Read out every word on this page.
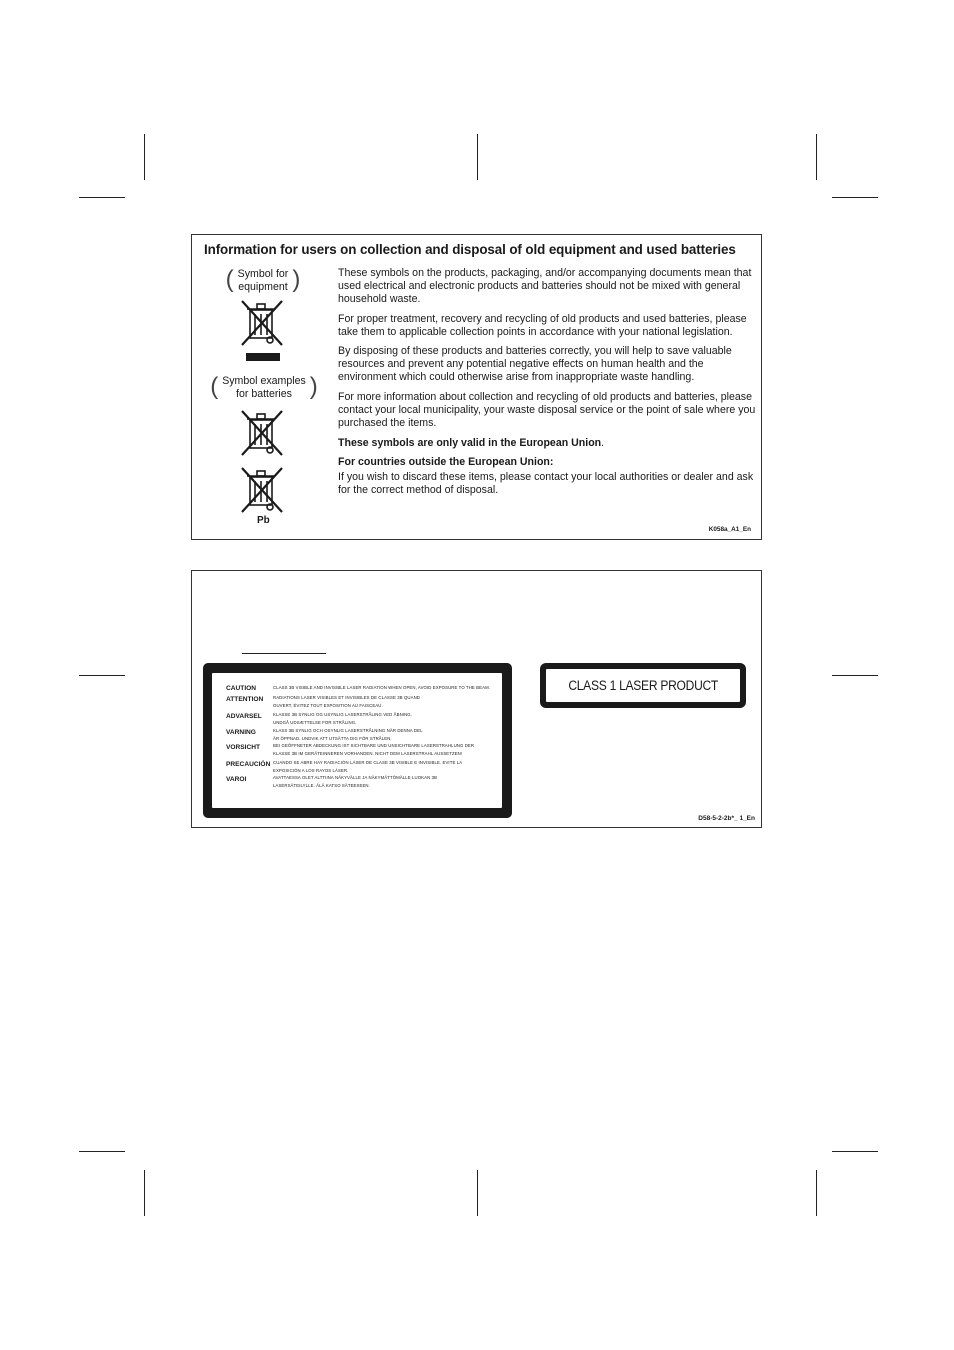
Information for users on collection and disposal of old equipment and used batteries
( Symbol for
equipment )
( Symbol examples
for batteries )
Pb

These symbols on the products, packaging, and/or accompanying documents mean that used electrical and electronic products and batteries should not be mixed with general household waste.

For proper treatment, recovery and recycling of old products and used batteries, please take them to applicable collection points in accordance with your national legislation.

By disposing of these products and batteries correctly, you will help to save valuable resources and prevent any potential negative effects on human health and the environment which could otherwise arise from inappropriate waste handling.

For more information about collection and recycling of old products and batteries, please contact your local municipality, your waste disposal service or the point of sale where you purchased the items.

These symbols are only valid in the European Union.

For countries outside the European Union:

If you wish to discard these items, please contact your local authorities or dealer and ask for the correct method of disposal.

K058a_A1_En
CAUTION	CLASS 3B VISIBLE AND INVISIBLE LASER RADIATION WHEN OPEN, AVOID EXPOSURE TO THE BEAM.
ATTENTION	RADIATIONS LASER VISIBLES ET INVISIBLES DE CLASSE 3B QUAND
OUVERT, ÉVITEZ TOUT EXPOSITION AU FAISCEAU.
ADVARSEL	KLASSE 3B SYNLIG OG USYNLIG LASERSTRÅLING VED ÅBNING.
UNDGÅ UDSÆTTELSE FOR STRÅLING.
VARNING	KLASS 3B SYNLIG OCH OSYNLIG LASERSTRÅLNING NÄR DENNA DEL
ÄR ÖPPNAD. UNDVIK ATT UTSÄTTA DIG FÖR STRÅLEN.
VORSICHT	BEI GEÖFFNETER ABDECKUNG IST SICHTBARE UND UNSICHTBARE LASERSTRAHLUNG DER
KLASSE 3B IM GERÄTEINNEREN VORHANDEN. NICHT DEM LASERSTRAHL AUSSETZEN!
PRECAUCIÓN CUANDO SE ABRE HAY RADIACIÓN LÁSER DE CLASE 3B VISIBLE E INVISIBLE. EVITE LA
EXPOSICIÓN A LOS RAYOS LÁSER.
VAROI	AVATTAESSA OLET ALTTIINA NÄKYVÄLLE JA NÄKYMÄTTÖMÄLLE LUOKAN 3B
LASERSÄTEILYLLE. ÄLÄ KATSO SÄTEESEEN.
CLASS 1 LASER PRODUCT
D58-5-2-2b*_ 1_En
